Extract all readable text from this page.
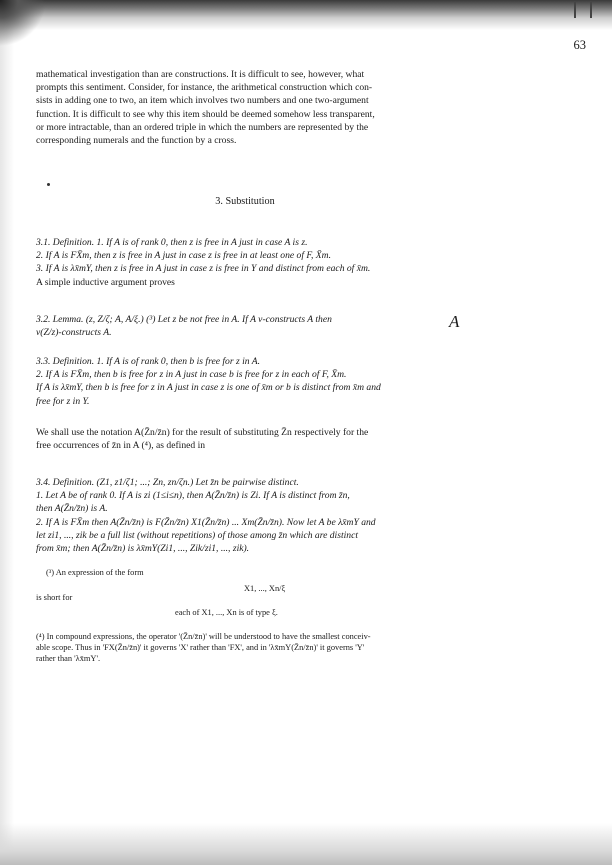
63
mathematical investigation than are constructions. It is difficult to see, however, what
prompts this sentiment. Consider, for instance, the arithmetical construction which con-
sists in adding one to two, an item which involves two numbers and one two-argument
function. It is difficult to see why this item should be deemed somehow less transparent,
or more intractable, than an ordered triple in which the numbers are represented by the
corresponding numerals and the function by a cross.
3. Substitution
3.1. Definition. 1. If A is of rank 0, then z is free in A just in case A is z.
2. If A is FX̄m, then z is free in A just in case z is free in at least one of F, X̄m.
3. If A is λx̄mY, then z is free in A just in case z is free in Y and distinct from each of x̄m.
A simple inductive argument proves
3.2. Lemma. (z, Z/ζ; A, A/ξ.) (³) Let z be not free in A. If A v-constructs A then
v(Z/z)-constructs A.
A
3.3. Definition. 1. If A is of rank 0, then b is free for z in A.
2. If A is FX̄m, then b is free for z in A just in case b is free for z in each of F, X̄m.
If A is λx̄mY, then b is free for z in A just in case z is one of x̄m or b is distinct from x̄m and
free for z in Y.
We shall use the notation A(Z̄n/z̄n) for the result of substituting Z̄n respectively for the
free occurrences of z̄n in A (⁴), as defined in
3.4. Definition. (Z1, z1/ζ1; ...; Zn, zn/ζn.) Let z̄n be pairwise distinct.
1. Let A be of rank 0. If A is zi (1≤i≤n), then A(Z̄n/z̄n) is Zi. If A is distinct from z̄n,
then A(Z̄n/z̄n) is A.
2. If A is FX̄m then A(Z̄n/z̄n) is F(Z̄n/z̄n) X1(Z̄n/z̄n) ... Xm(Z̄n/z̄n). Now let A be λx̄mY and
let zi1, ..., zik be a full list (without repetitions) of those among z̄n which are distinct
from x̄m; then A(Z̄n/z̄n) is λx̄mY(Zi1, ..., Zik/zi1, ..., zik).
(³) An expression of the form
X1, ..., Xn/ξ
is short for
each of X1, ..., Xn is of type ξ.
(⁴) In compound expressions, the operator '(Z̄n/z̄n)' will be understood to have the smallest conceiv-
able scope. Thus in 'FX(Z̄n/z̄n)' it governs 'X' rather than 'FX', and in 'λx̄mY(Z̄n/z̄n)' it governs 'Y'
rather than 'λx̄mY'.
